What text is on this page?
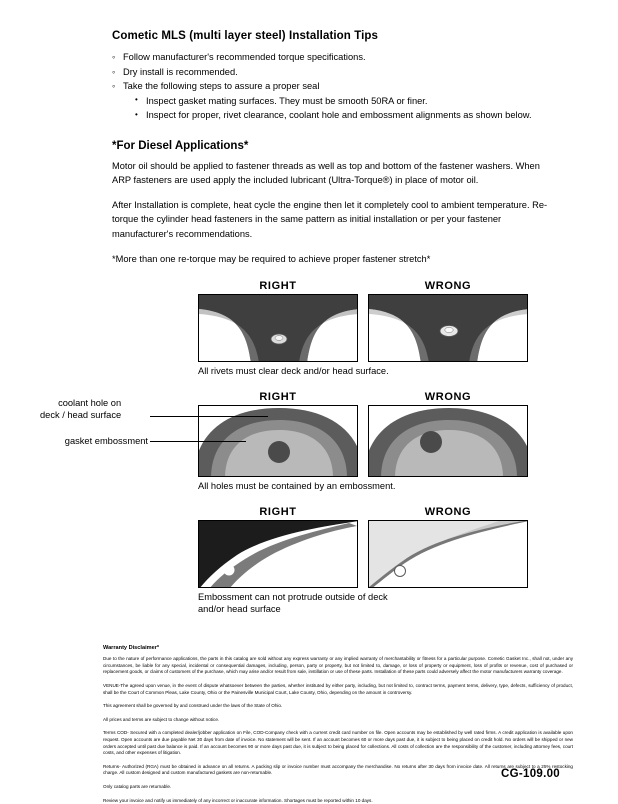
Cometic MLS (multi layer steel) Installation Tips
◦ Follow manufacturer's recommended torque specifications.
◦ Dry install is recommended.
◦ Take the following steps to assure a proper seal
• Inspect gasket mating surfaces. They must be smooth 50RA or finer.
• Inspect for proper, rivet clearance, coolant hole and embossment alignments as shown below.
*For Diesel Applications*

Motor oil should be applied to fastener threads as well as top and bottom of the fastener washers. When ARP fasteners are used apply the included lubricant (Ultra-Torque®) in place of motor oil.

After Installation is complete, heat cycle the engine then let it completely cool to ambient temperature. Re-torque the cylinder head fasteners in the same pattern as initial installation or per your fastener manufacturer's recommendations.

*More than one re-torque may be required to achieve proper fastener stretch*

RIGHT	WRONG

All rivets must clear deck and/or head surface.

RIGHT	WRONG

All holes must be contained by an embossment.

coolant hole on
deck / head surface
gasket embossment
RIGHT	WRONG

Embossment can not protrude outside of deck

and/or head surface

Warranty Disclaimer*

Due to the nature of performance applications, the parts in this catalog are sold without any express warranty or any implied warranty of merchantability or fitness for a particular purpose. Cometic Gasket Inc., shall not, under any circumstances, be liable for any special, incidental or consequential damages, including, person, party or property, but not limited to, damage, or loss of property or equipment, loss of profits or revenue, cost of purchased or replacement goods, or claims of customers of the purchase, which may arise and/or result from sale, instillation or use of these parts. Installation of these parts could adversely affect the motor manufacturers warranty coverage.

VENUE-The agreed upon venue, in the event of dispute whatsoever between the parties, whether instituted by either party, including, but not limited to, contract terms, payment terms, delivery, type, defects, sufficiency of product, shall be the Court of Common Pleas, Lake County, Ohio or the Painesville Municipal Court, Lake County, Ohio, depending on the amount in controversy.

This agreement shall be governed by and construed under the laws of the State of Ohio.

All prices and terms are subject to change without notice.

Terms COD- Secured with a completed dealer/jobber application on File, COD-Company check with a current credit card number on file. Open accounts may be established by well rated firms. A credit application is available upon request. Open accounts are due payable Net 30 days from date of invoice. No statement will be sent. If an account becomes 60 or more days past due, it is subject to being placed on credit hold. No orders will be shipped or new orders accepted until past due balance is paid. If an account becomes 90 or more days past due, it is subject to being placed for collections. All costs of collection are the responsibility of the customer, including attorney fees, court costs, and other expenses of litigation.

Returns- Authorized (RGA) must be obtained in advance on all returns. A packing slip or invoice number must accompany the merchandise. No returns after 30 days from invoice date. All returns are subject to a 25% restocking charge. All custom designed and custom manufactured gaskets are non-returnable.

Only catalog parts are returnable.

Review your invoice and notify us immediately of any incorrect or inaccurate information. Shortages must be reported within 10 days.

CG-109.00
